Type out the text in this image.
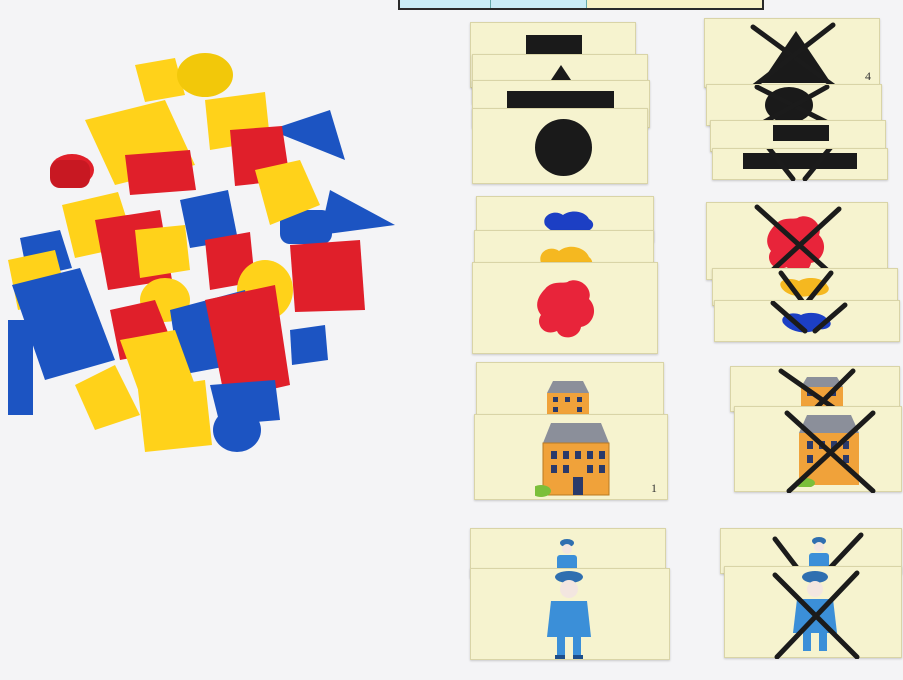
4
1
